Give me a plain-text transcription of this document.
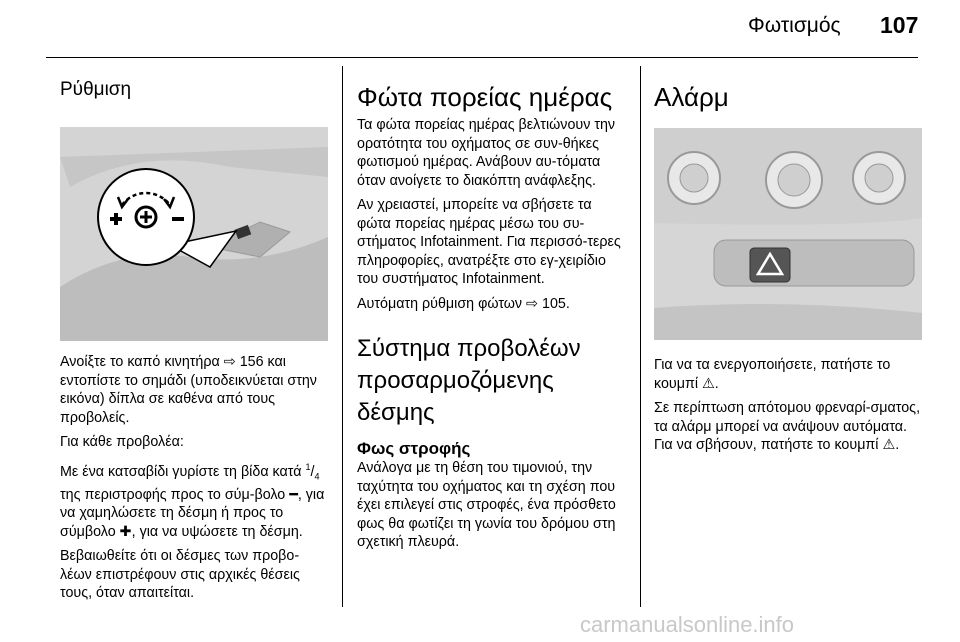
Φωτισμός 107
Ρύθμιση

Ανοίξτε το καπό κινητήρα ⇨ 156 και εντοπίστε το σημάδι (υποδεικνύεται στην εικόνα) δίπλα σε καθένα από τους προβολείς.

Για κάθε προβολέα:

Με ένα κατσαβίδι γυρίστε τη βίδα κατά $^1/_4$ της περιστροφής προς το σύμ-βολο ━, για να χαμηλώσετε τη δέσμη ή προς το σύμβολο ✚, για να υψώσετε τη δέσμη.

Βεβαιωθείτε ότι οι δέσμες των προβο-λέων επιστρέφουν στις αρχικές θέσεις τους, όταν απαιτείται.

Φώτα πορείας ημέρας

Τα φώτα πορείας ημέρας βελτιώνουν την ορατότητα του οχήματος σε συν-θήκες φωτισμού ημέρας. Ανάβουν αυ-τόματα όταν ανοίγετε το διακόπτη ανάφλεξης.

Αν χρειαστεί, μπορείτε να σβήσετε τα φώτα πορείας ημέρας μέσω του συ-στήματος Infotainment. Για περισσό-τερες πληροφορίες, ανατρέξτε στο εγ-χειρίδιο του συστήματος Infotainment.

Αυτόματη ρύθμιση φώτων ⇨ 105.

Σύστημα προβολέων προσαρμοζόμενης δέσμης
Φως στροφής

Ανάλογα με τη θέση του τιμονιού, την ταχύτητα του οχήματος και τη σχέση που έχει επιλεγεί στις στροφές, ένα πρόσθετο φως θα φωτίζει τη γωνία του δρόμου στη σχετική πλευρά.

Αλάρμ

Για να τα ενεργοποιήσετε, πατήστε το κουμπί ⚠.

Σε περίπτωση απότομου φρεναρί-σματος, τα αλάρμ μπορεί να ανάψουν αυτόματα. Για να σβήσουν, πατήστε το κουμπί ⚠.

carmanualsonline.info
